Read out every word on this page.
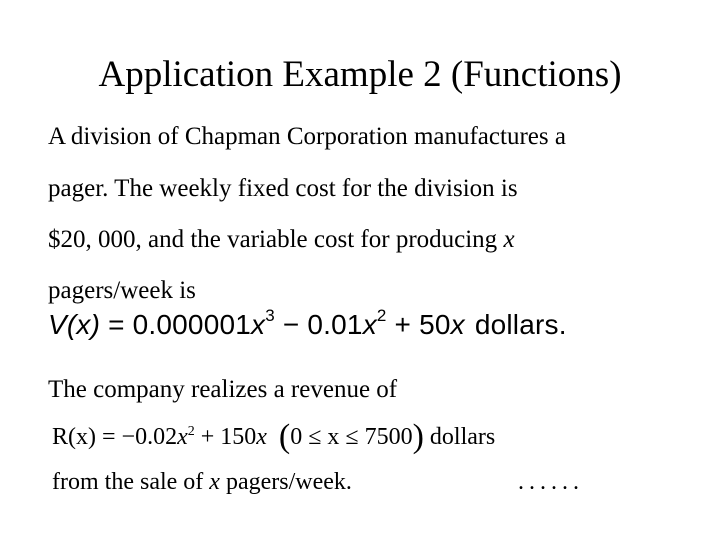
Application Example 2 (Functions)
A division of Chapman Corporation manufactures a
pager. The weekly fixed cost for the division is
$20, 000, and the variable cost for producing x
pagers/week is
$V(x) = 0.000001x^3 - 0.01x^2 + 50x$ dollars.
The company realizes a revenue of
$R(x) = -0.02x^2 + 150x$ (0 ≤ x ≤ 7500) dollars
from the sale of x pagers/week.	......
